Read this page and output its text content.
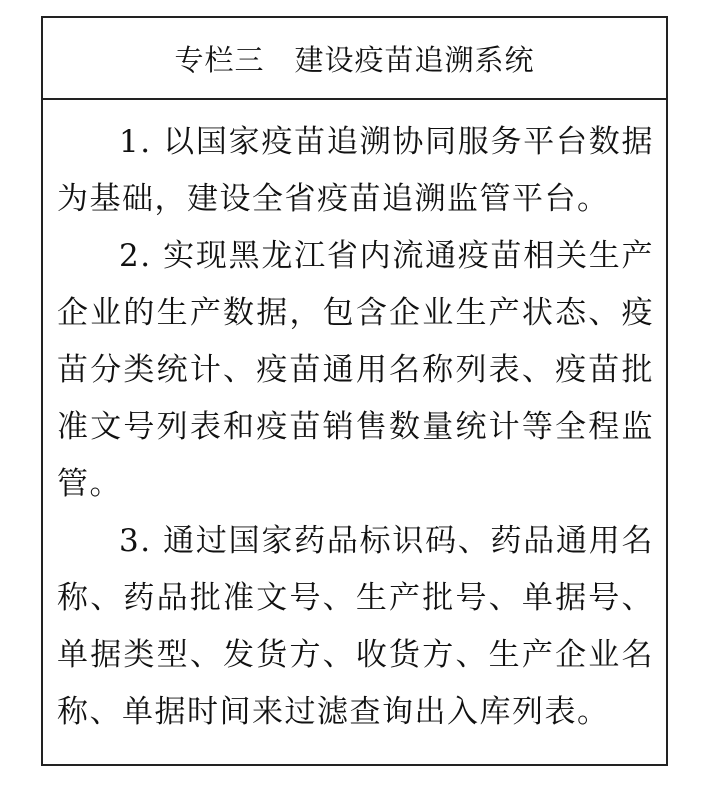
专栏三　建设疫苗追溯系统

1. 以国家疫苗追溯协同服务平台数据为基础，建设全省疫苗追溯监管平台。

2. 实现黑龙江省内流通疫苗相关生产企业的生产数据，包含企业生产状态、疫苗分类统计、疫苗通用名称列表、疫苗批准文号列表和疫苗销售数量统计等全程监管。

3. 通过国家药品标识码、药品通用名称、药品批准文号、生产批号、单据号、单据类型、发货方、收货方、生产企业名称、单据时间来过滤查询出入库列表。
